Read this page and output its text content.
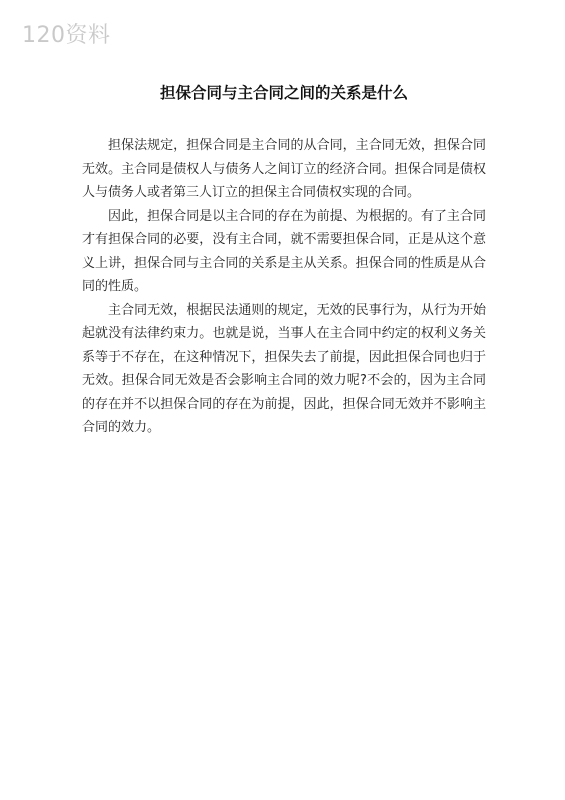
120资料
担保合同与主合同之间的关系是什么

担保法规定，担保合同是主合同的从合同，主合同无效，担保合同无效。主合同是债权人与债务人之间订立的经济合同。担保合同是债权人与债务人或者第三人订立的担保主合同债权实现的合同。

因此，担保合同是以主合同的存在为前提、为根据的。有了主合同才有担保合同的必要，没有主合同，就不需要担保合同，正是从这个意义上讲，担保合同与主合同的关系是主从关系。担保合同的性质是从合同的性质。

主合同无效，根据民法通则的规定，无效的民事行为，从行为开始起就没有法律约束力。也就是说，当事人在主合同中约定的权利义务关系等于不存在，在这种情况下，担保失去了前提，因此担保合同也归于无效。担保合同无效是否会影响主合同的效力呢?不会的，因为主合同的存在并不以担保合同的存在为前提，因此，担保合同无效并不影响主合同的效力。
